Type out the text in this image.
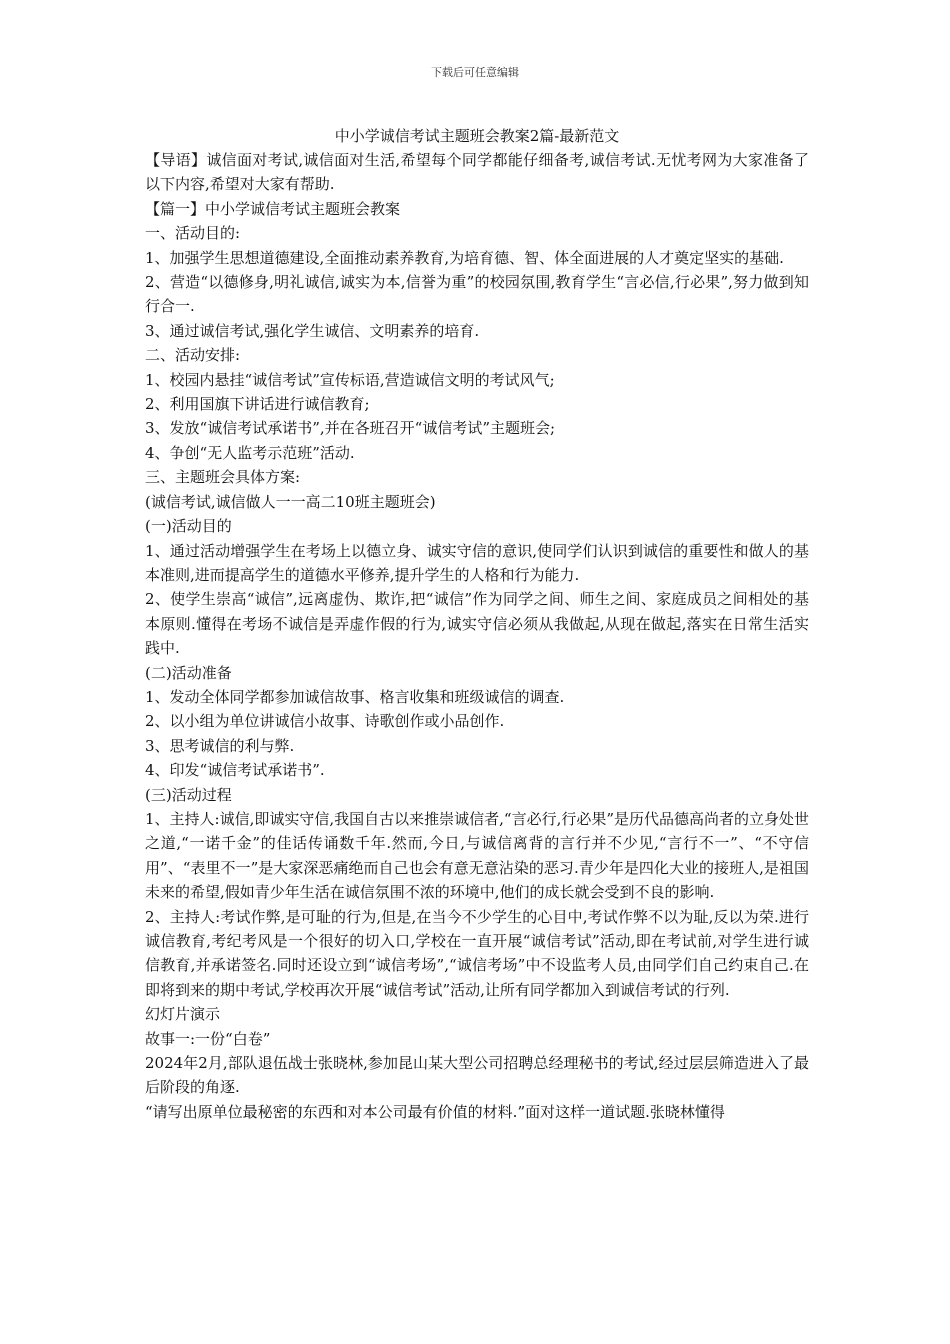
下载后可任意编辑
中小学诚信考试主题班会教案2篇-最新范文

【导语】诚信面对考试,诚信面对生活,希望每个同学都能仔细备考,诚信考试.无忧考网为大家准备了以下内容,希望对大家有帮助.

【篇一】中小学诚信考试主题班会教案

一、活动目的:

1、加强学生思想道德建设,全面推动素养教育,为培育德、智、体全面进展的人才奠定坚实的基础.

2、营造“以德修身,明礼诚信,诚实为本,信誉为重”的校园氛围,教育学生“言必信,行必果”,努力做到知行合一.

3、通过诚信考试,强化学生诚信、文明素养的培育.

二、活动安排:

1、校园内悬挂“诚信考试”宣传标语,营造诚信文明的考试风气;

2、利用国旗下讲话进行诚信教育;

3、发放“诚信考试承诺书”,并在各班召开“诚信考试”主题班会;

4、争创“无人监考示范班”活动.

三、主题班会具体方案:

(诚信考试,诚信做人一一高二10班主题班会)

(一)活动目的

1、通过活动增强学生在考场上以德立身、诚实守信的意识,使同学们认识到诚信的重要性和做人的基本准则,进而提高学生的道德水平修养,提升学生的人格和行为能力.

2、使学生崇高“诚信”,远离虚伪、欺诈,把“诚信”作为同学之间、师生之间、家庭成员之间相处的基本原则.懂得在考场不诚信是弄虚作假的行为,诚实守信必须从我做起,从现在做起,落实在日常生活实践中.

(二)活动准备

1、发动全体同学都参加诚信故事、格言收集和班级诚信的调查.

2、以小组为单位讲诚信小故事、诗歌创作或小品创作.

3、思考诚信的利与弊.

4、印发“诚信考试承诺书”.

(三)活动过程

1、主持人:诚信,即诚实守信,我国自古以来推崇诚信者,“言必行,行必果”是历代品德高尚者的立身处世之道,“一诺千金”的佳话传诵数千年.然而,今日,与诚信离背的言行并不少见,“言行不一”、“不守信用”、“表里不一”是大家深恶痛绝而自己也会有意无意沾染的恶习.青少年是四化大业的接班人,是祖国未来的希望,假如青少年生活在诚信氛围不浓的环境中,他们的成长就会受到不良的影响.

2、主持人:考试作弊,是可耻的行为,但是,在当今不少学生的心目中,考试作弊不以为耻,反以为荣.进行诚信教育,考纪考风是一个很好的切入口,学校在一直开展“诚信考试”活动,即在考试前,对学生进行诚信教育,并承诺签名.同时还设立到“诚信考场”,“诚信考场”中不设监考人员,由同学们自己约束自己.在即将到来的期中考试,学校再次开展“诚信考试”活动,让所有同学都加入到诚信考试的行列.

幻灯片演示

故事一:一份“白卷”

2024年2月,部队退伍战士张晓林,参加昆山某大型公司招聘总经理秘书的考试,经过层层筛造进入了最后阶段的角逐.

“请写出原单位最秘密的东西和对本公司最有价值的材料.”面对这样一道试题.张晓林懂得
